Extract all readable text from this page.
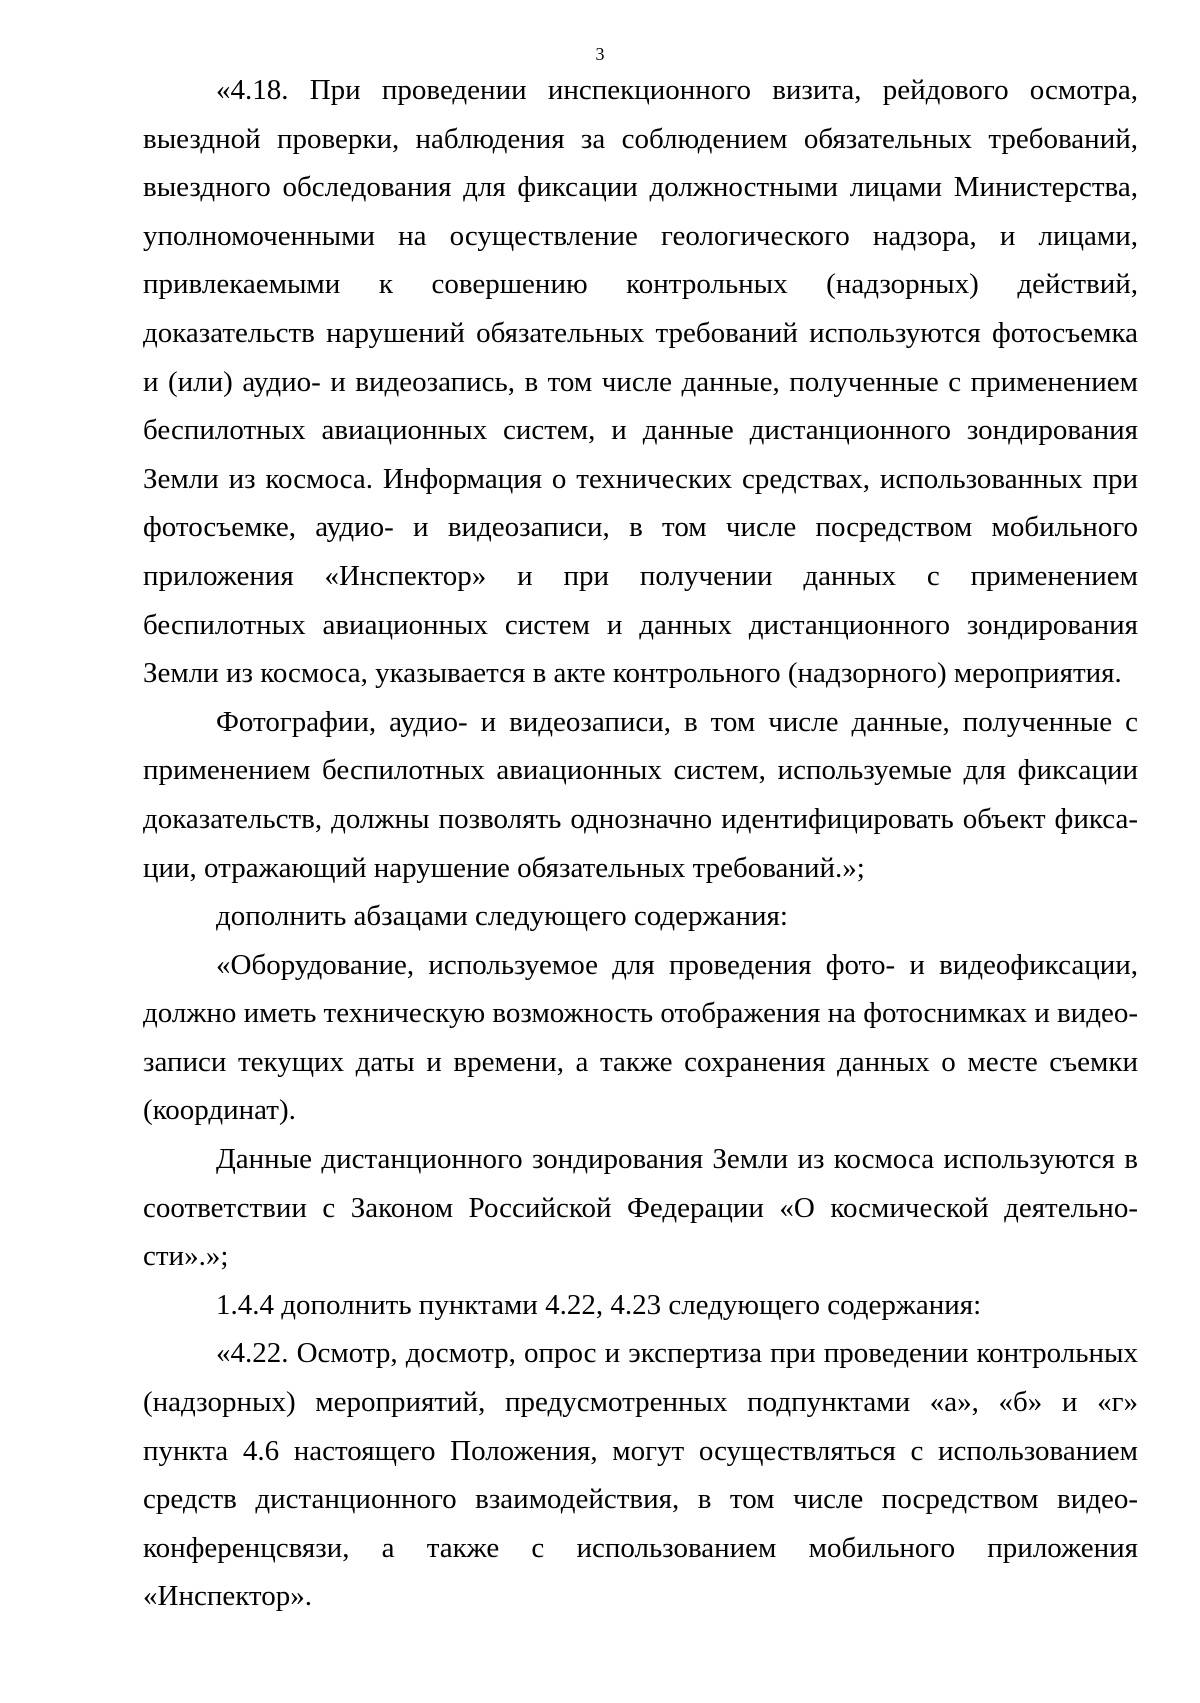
3

«4.18. При проведении инспекционного визита, рейдового осмотра, выездной проверки, наблюдения за соблюдением обязательных требований, выездного обследования для фиксации должностными лицами Министерства, уполномоченными на осуществление геологического надзора, и лицами, привлекаемыми к совершению контрольных (надзорных) действий, доказательств нарушений обязательных требований используются фотосъемка и (или) аудио- и видеозапись, в том числе данные, полученные с применением беспилотных авиационных систем, и данные дистанционного зондирования Земли из космоса. Информация о технических средствах, использованных при фотосъемке, аудио- и видеозаписи, в том числе посредством мобильного приложения «Инспектор» и при получении данных с применением беспилотных авиационных систем и данных дистанционного зондирования Земли из космоса, указывается в акте контрольного (надзорного) мероприятия.

Фотографии, аудио- и видеозаписи, в том числе данные, полученные с применением беспилотных авиационных систем, используемые для фиксации доказательств, должны позволять однозначно идентифицировать объект фиксации, отражающий нарушение обязательных требований.»;

дополнить абзацами следующего содержания:

«Оборудование, используемое для проведения фото- и видеофиксации, должно иметь техническую возможность отображения на фотоснимках и видеозаписи текущих даты и времени, а также сохранения данных о месте съемки (координат).

Данные дистанционного зондирования Земли из космоса используются в соответствии с Законом Российской Федерации «О космической деятельности».»;

1.4.4 дополнить пунктами 4.22, 4.23 следующего содержания:

«4.22. Осмотр, досмотр, опрос и экспертиза при проведении контрольных (надзорных) мероприятий, предусмотренных подпунктами «а», «б» и «г» пункта 4.6 настоящего Положения, могут осуществляться с использованием средств дистанционного взаимодействия, в том числе посредством видео-конференцсвязи, а также с использованием мобильного приложения «Инспектор».
